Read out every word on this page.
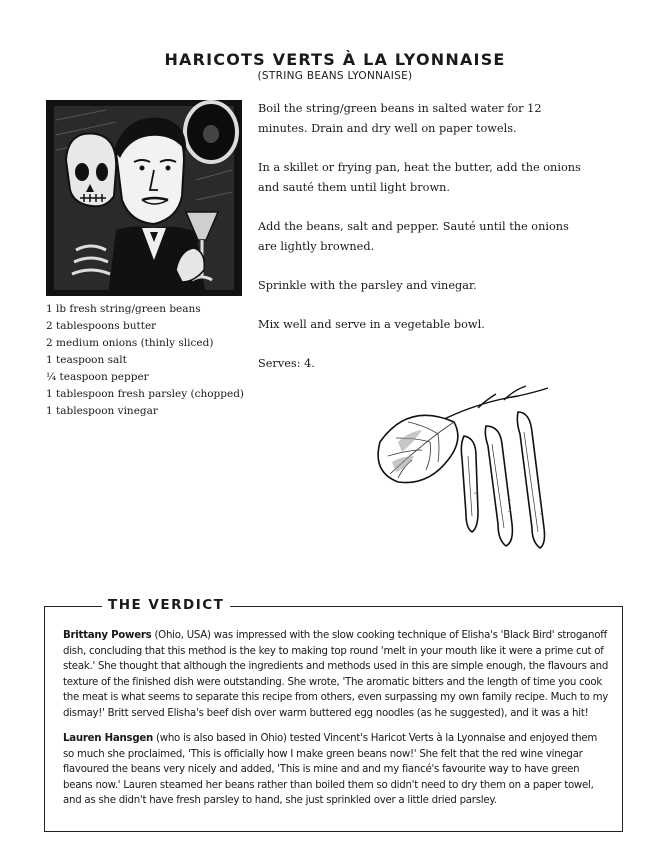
HARICOTS VERTS À LA LYONNAISE
(STRING BEANS LYONNAISE)
1 lb fresh string/green beans
2 tablespoons butter
2 medium onions (thinly sliced)
1 teaspoon salt
¼ teaspoon pepper
1 tablespoon fresh parsley (chopped)
1 tablespoon vinegar

Boil the string/green beans in salted water for 12 minutes. Drain and dry well on paper towels.

In a skillet or frying pan, heat the butter, add the onions and sauté them until light brown.

Add the beans, salt and pepper. Sauté until the onions are lightly browned.

Sprinkle with the parsley and vinegar.

Mix well and serve in a vegetable bowl.

Serves: 4.

THE VERDICT

Brittany Powers (Ohio, USA) was impressed with the slow cooking technique of Elisha's 'Black Bird' stroganoff dish, concluding that this method is the key to making top round 'melt in your mouth like it were a prime cut of steak.' She thought that although the ingredients and methods used in this are simple enough, the flavours and texture of the finished dish were outstanding. She wrote, 'The aromatic bitters and the length of time you cook the meat is what seems to separate this recipe from others, even surpassing my own family recipe. Much to my dismay!' Britt served Elisha's beef dish over warm buttered egg noodles (as he suggested), and it was a hit!

Lauren Hansgen (who is also based in Ohio) tested Vincent's Haricot Verts à la Lyonnaise and enjoyed them so much she proclaimed, 'This is officially how I make green beans now!' She felt that the red wine vinegar flavoured the beans very nicely and added, 'This is mine and and my fiancé's favourite way to have green beans now.' Lauren steamed her beans rather than boiled them so didn't need to dry them on a paper towel, and as she didn't have fresh parsley to hand, she just sprinkled over a little dried parsley.
